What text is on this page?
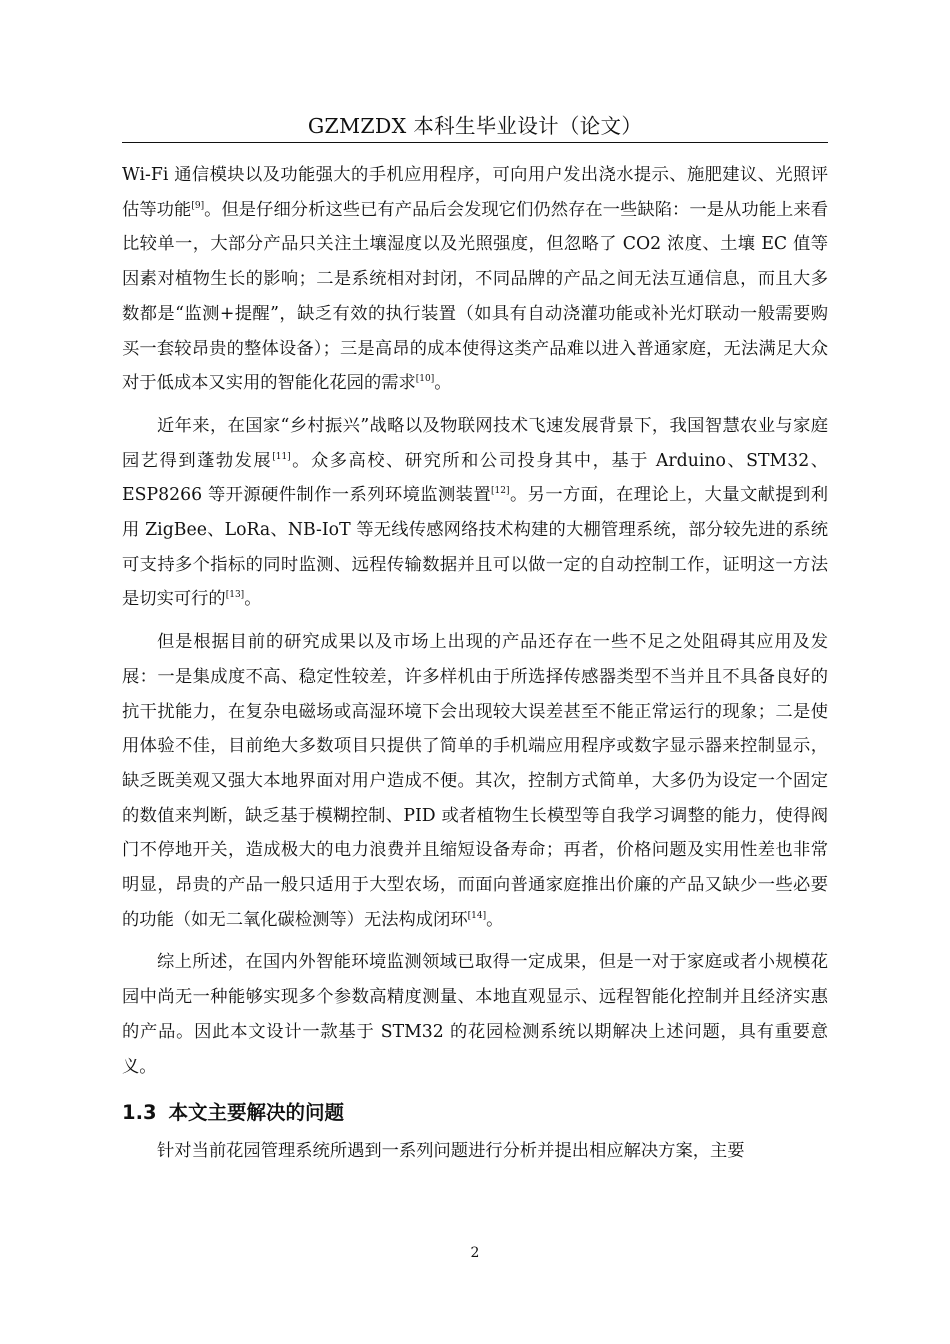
GZMZDX 本科生毕业设计（论文）

Wi-Fi 通信模块以及功能强大的手机应用程序，可向用户发出浇水提示、施肥建议、光照评估等功能[9]。但是仔细分析这些已有产品后会发现它们仍然存在一些缺陷：一是从功能上来看比较单一，大部分产品只关注土壤湿度以及光照强度，但忽略了 CO2 浓度、土壤 EC 值等因素对植物生长的影响；二是系统相对封闭，不同品牌的产品之间无法互通信息，而且大多数都是“监测+提醒”，缺乏有效的执行装置（如具有自动浇灌功能或补光灯联动一般需要购买一套较昂贵的整体设备）；三是高昂的成本使得这类产品难以进入普通家庭，无法满足大众对于低成本又实用的智能化花园的需求[10]。

近年来，在国家“乡村振兴”战略以及物联网技术飞速发展背景下，我国智慧农业与家庭园艺得到蓬勃发展[11]。众多高校、研究所和公司投身其中，基于 Arduino、STM32、ESP8266 等开源硬件制作一系列环境监测装置[12]。另一方面，在理论上，大量文献提到利用 ZigBee、LoRa、NB-IoT 等无线传感网络技术构建的大棚管理系统，部分较先进的系统可支持多个指标的同时监测、远程传输数据并且可以做一定的自动控制工作，证明这一方法是切实可行的[13]。

但是根据目前的研究成果以及市场上出现的产品还存在一些不足之处阻碍其应用及发展：一是集成度不高、稳定性较差，许多样机由于所选择传感器类型不当并且不具备良好的抗干扰能力，在复杂电磁场或高湿环境下会出现较大误差甚至不能正常运行的现象；二是使用体验不佳，目前绝大多数项目只提供了简单的手机端应用程序或数字显示器来控制显示，缺乏既美观又强大本地界面对用户造成不便。其次，控制方式简单，大多仍为设定一个固定的数值来判断，缺乏基于模糊控制、PID 或者植物生长模型等自我学习调整的能力，使得阀门不停地开关，造成极大的电力浪费并且缩短设备寿命；再者，价格问题及实用性差也非常明显，昂贵的产品一般只适用于大型农场，而面向普通家庭推出价廉的产品又缺少一些必要的功能（如无二氧化碳检测等）无法构成闭环[14]。

综上所述，在国内外智能环境监测领域已取得一定成果，但是一对于家庭或者小规模花园中尚无一种能够实现多个参数高精度测量、本地直观显示、远程智能化控制并且经济实惠的产品。因此本文设计一款基于 STM32 的花园检测系统以期解决上述问题，具有重要意义。

1.3 本文主要解决的问题

针对当前花园管理系统所遇到一系列问题进行分析并提出相应解决方案，主要

2
